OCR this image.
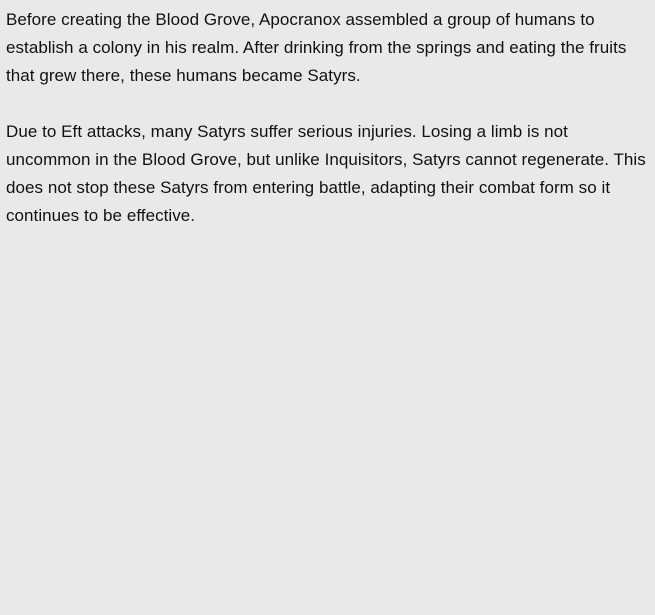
Before creating the Blood Grove, Apocranox assembled a group of humans to establish a colony in his realm. After drinking from the springs and eating the fruits that grew there, these humans became Satyrs.

Due to Eft attacks, many Satyrs suffer serious injuries. Losing a limb is not uncommon in the Blood Grove, but unlike Inquisitors, Satyrs cannot regenerate. This does not stop these Satyrs from entering battle, adapting their combat form so it continues to be effective.
